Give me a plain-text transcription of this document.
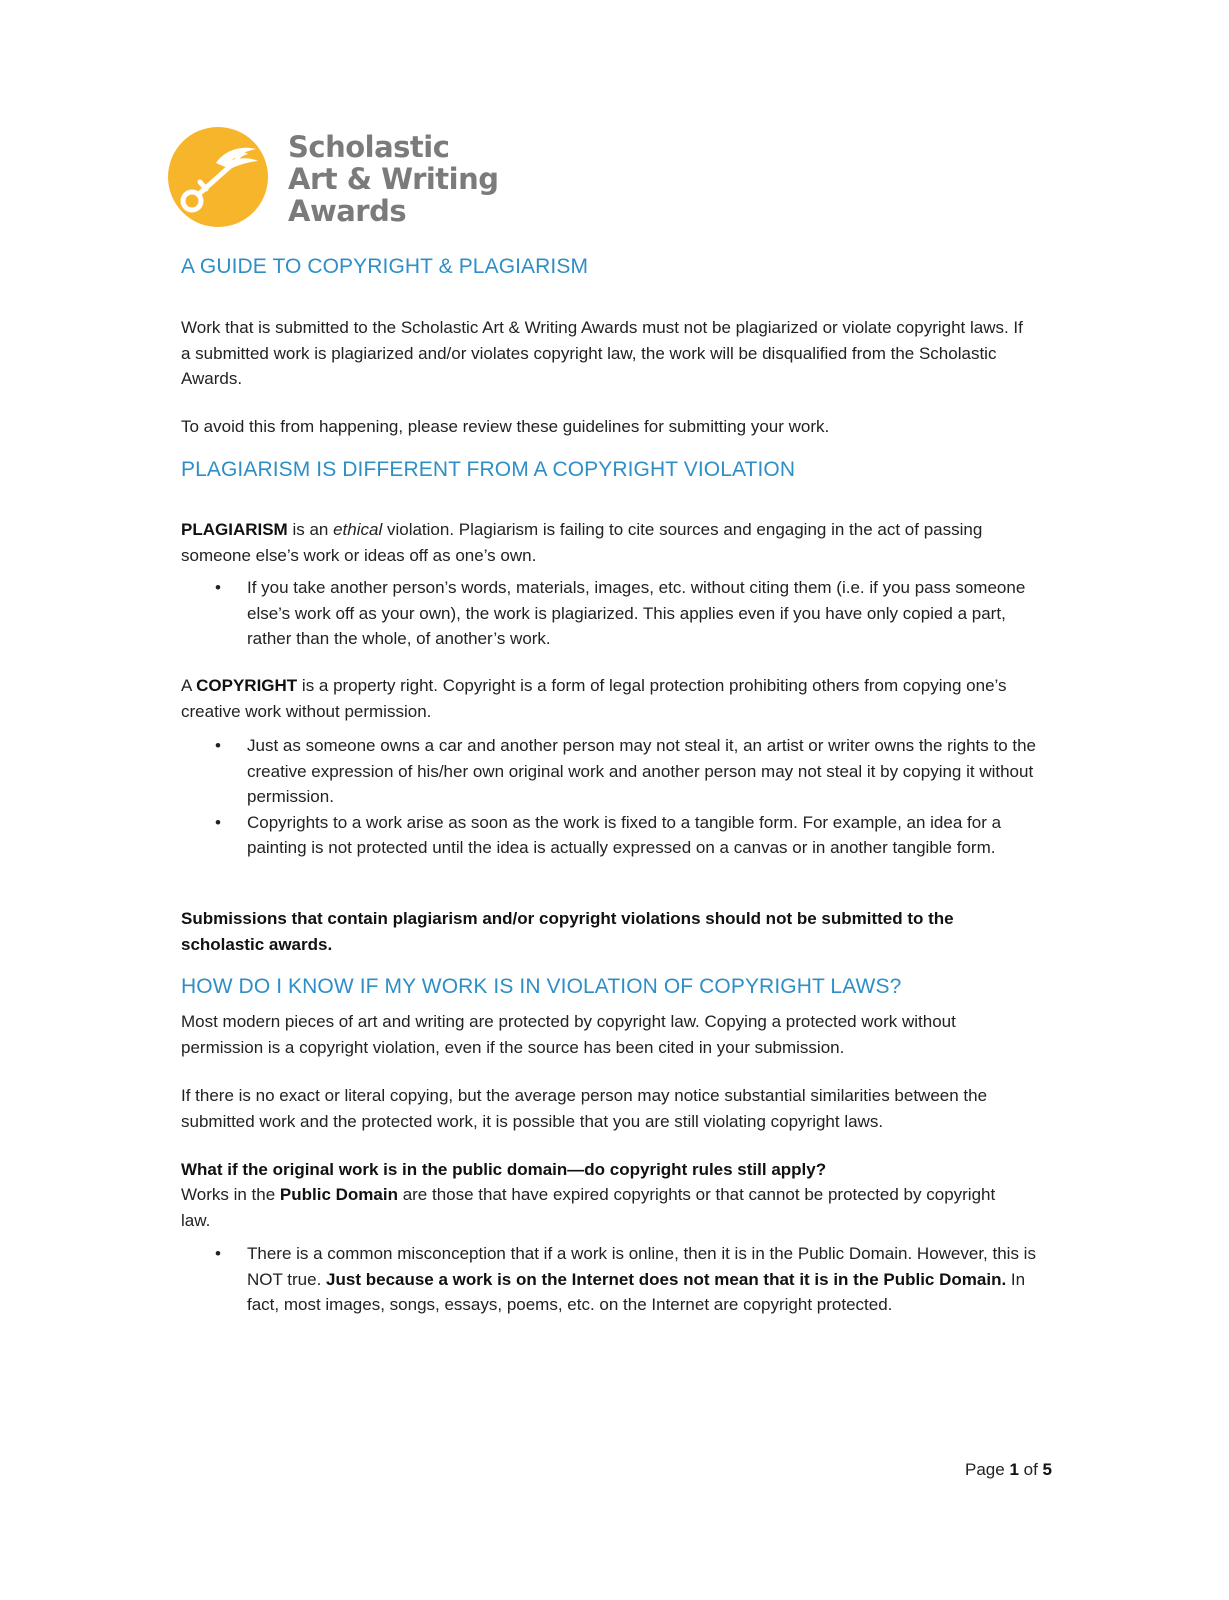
Scholastic
Art & Writing
Awards
A GUIDE TO COPYRIGHT & PLAGIARISM

Work that is submitted to the Scholastic Art & Writing Awards must not be plagiarized or violate copyright laws. If a submitted work is plagiarized and/or violates copyright law, the work will be disqualified from the Scholastic Awards.

To avoid this from happening, please review these guidelines for submitting your work.

PLAGIARISM IS DIFFERENT FROM A COPYRIGHT VIOLATION

PLAGIARISM is an ethical violation. Plagiarism is failing to cite sources and engaging in the act of passing someone else’s work or ideas off as one’s own.

• If you take another person’s words, materials, images, etc. without citing them (i.e. if you pass someone else’s work off as your own), the work is plagiarized. This applies even if you have only copied a part, rather than the whole, of another’s work.

A COPYRIGHT is a property right. Copyright is a form of legal protection prohibiting others from copying one’s creative work without permission.

• Just as someone owns a car and another person may not steal it, an artist or writer owns the rights to the creative expression of his/her own original work and another person may not steal it by copying it without permission.
• Copyrights to a work arise as soon as the work is fixed to a tangible form. For example, an idea for a painting is not protected until the idea is actually expressed on a canvas or in another tangible form.

Submissions that contain plagiarism and/or copyright violations should not be submitted to the scholastic awards.

HOW DO I KNOW IF MY WORK IS IN VIOLATION OF COPYRIGHT LAWS?

Most modern pieces of art and writing are protected by copyright law. Copying a protected work without permission is a copyright violation, even if the source has been cited in your submission.

If there is no exact or literal copying, but the average person may notice substantial similarities between the submitted work and the protected work, it is possible that you are still violating copyright laws.

What if the original work is in the public domain—do copyright rules still apply?

Works in the Public Domain are those that have expired copyrights or that cannot be protected by copyright law.

• There is a common misconception that if a work is online, then it is in the Public Domain. However, this is NOT true. Just because a work is on the Internet does not mean that it is in the Public Domain. In fact, most images, songs, essays, poems, etc. on the Internet are copyright protected.
Page 1 of 5
